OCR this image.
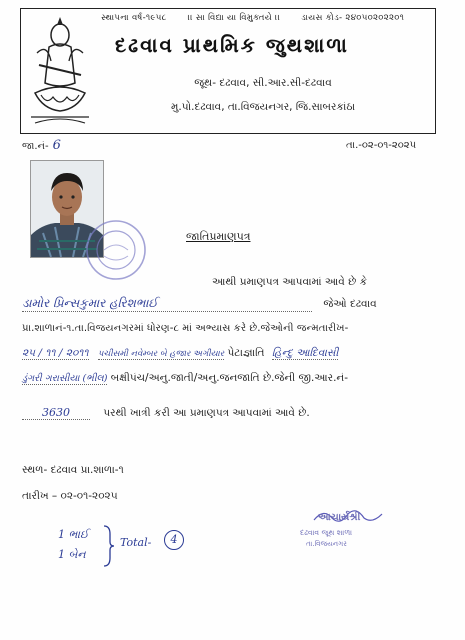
સ્થાપના વર્ષ-૧૯૫૮ ।। સા વિદ્યા યા વિમુક્તયે ।। ડાયસ કોડ- ૨૪૦૫૦૨૦૨૨૦૧
દઢવાવ પ્રાથમિક જુથશાળા
જૂથ- દઢવાવ, સી.આર.સી-દઢવાવ
મુ.પો.દઢવાવ, તા.વિજયનગર, જિ.સાબરકાંઠા
જા.નં- 6	તા.-૦૨-૦૧-૨૦૨૫
જાતિપ્રમાણપત્ર
આથી પ્રમાણપત્ર આપવામાં આવે છે કે
ડામોર પ્રિન્સકુમાર હરિશભાઈ	જેઓ દઢવાવ
પ્રા.શાળાનં-૧.તા.વિજયનગરમાં ધોરણ-૮ માં અભ્યાસ કરે છે.જેઓની જન્મતારીખ-
૨૫ / ૧૧ / ૨૦૧૧ પચીસમી નવેમ્બર બે હજાર અગીયાર પેટાજ્ઞાતિ હિન્દુ આદિવાસી
ડુંગરી ગરાસીયા (ભીલ) બક્ષીપંચ/અનુ.જાતી/અનુ.જનજાતિ છે.જેની જી.આર.નં-
3630	પરથી ખાત્રી કરી આ પ્રમાણપત્ર આપવામાં આવે છે.
સ્થળ- દઢવાવ પ્રા.શાળા-૧
તારીખ – ૦૨-૦૧-૨૦૨૫
1 ભાઈ
1 બેન
Total-	4
આચાર્યશ્રી
દઢવાવ જૂથ શાળા
તા.વિજયનગર
